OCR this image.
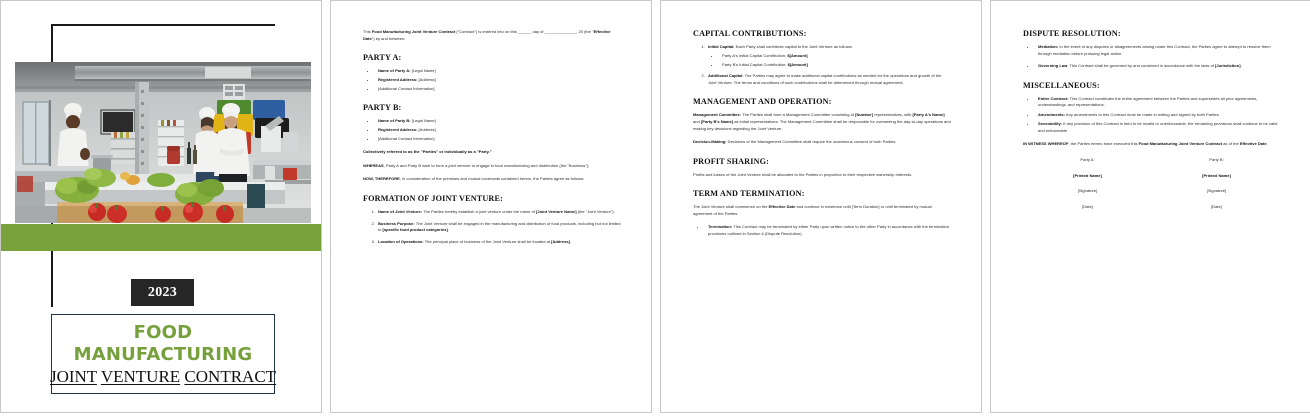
2023
FOOD
MANUFACTURING
JOINT VENTURE CONTRACT

This Food Manufacturing Joint Venture Contract ("Contract") is entered into on this ______ day of ______________, 20 (the "Effective Date") by and between:

PARTY A:
• Name of Party A: [Legal Name]
• Registered Address: [Address]
• [Additional Contact Information]
PARTY B:
• Name of Party B: [Legal Name]
• Registered Address: [Address]
• [Additional Contact Information]

Collectively referred to as the "Parties" or individually as a "Party."

WHEREAS, Party A and Party B wish to form a joint venture to engage in food manufacturing and distribution (the "Business");

NOW, THEREFORE, in consideration of the premises and mutual covenants contained herein, the Parties agree as follows:

FORMATION OF JOINT VENTURE:
1. Name of Joint Venture: The Parties hereby establish a joint venture under the name of [Joint Venture Name] (the "Joint Venture").
2. Business Purpose: The Joint Venture shall be engaged in the manufacturing and distribution of food products, including but not limited to [specific food product categories].
3. Location of Operations: The principal place of business of the Joint Venture shall be located at [Address].
CAPITAL CONTRIBUTIONS:
1. Initial Capital: Each Party shall contribute capital to the Joint Venture as follows:
• Party A's Initial Capital Contribution: $[Amount]
• Party B's Initial Capital Contribution: $[Amount]
2. Additional Capital: The Parties may agree to make additional capital contributions as needed for the operations and growth of the Joint Venture. The terms and conditions of such contributions shall be determined through mutual agreement.
MANAGEMENT AND OPERATION:

Management Committee: The Parties shall form a Management Committee consisting of [Number] representatives, with [Party A's Name] and [Party B's Name] as initial representatives. The Management Committee shall be responsible for overseeing the day-to-day operations and making key decisions regarding the Joint Venture.

Decision-Making: Decisions of the Management Committee shall require the unanimous consent of both Parties.

PROFIT SHARING:

Profits and losses of the Joint Venture shall be allocated to the Parties in proportion to their respective ownership interests.

TERM AND TERMINATION:

The Joint Venture shall commence on the Effective Date and continue in existence until [Term Duration] or until terminated by mutual agreement of the Parties.

• Termination: This Contract may be terminated by either Party upon written notice to the other Party in accordance with the termination provisions outlined in Section 6 (Dispute Resolution).
DISPUTE RESOLUTION:
• Mediation: In the event of any disputes or disagreements arising under this Contract, the Parties agree to attempt to resolve them through mediation before pursuing legal action.
• Governing Law: This Contract shall be governed by and construed in accordance with the laws of [Jurisdiction].
MISCELLANEOUS:
• Entire Contract: This Contract constitutes the entire agreement between the Parties and supersedes all prior agreements, understandings, and representations.
• Amendments: Any amendments to this Contract must be made in writing and signed by both Parties.
• Severability: If any provision of this Contract is held to be invalid or unenforceable, the remaining provisions shall continue to be valid and enforceable.

IN WITNESS WHEREOF, the Parties hereto have executed this Food Manufacturing Joint Venture Contract as of the Effective Date.

Party A:

[Printed Name]

[Signature]

[Date]

Party B:

[Printed Name]

[Signature]

[Date]
